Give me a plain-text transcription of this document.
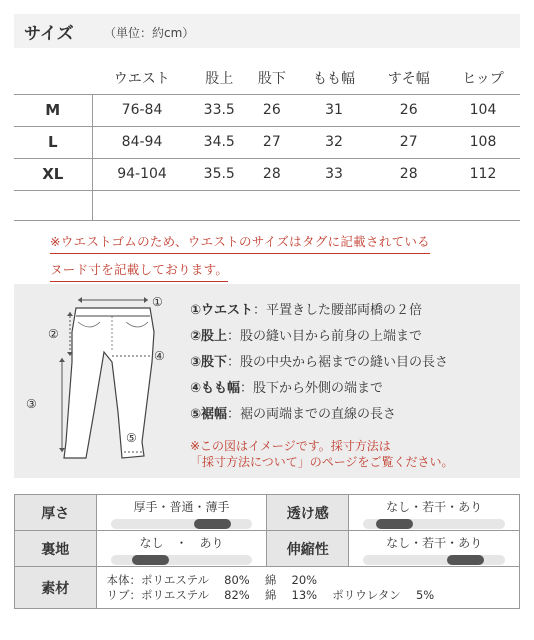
サイズ	（単位：約cm）
	ウエスト	股上	股下	もも幅	すそ幅	ヒップ
M	76-84	33.5	26	31	26	104
L	84-94	34.5	27	32	27	108
XL	94-104	35.5	28	33	28	112

※ウエストゴムのため、ウエストのサイズはタグに記載されている
ヌード寸を記載しております。
①
②
③
④
⑤
①ウエスト：平置きした腰部両橋の２倍
②股上：股の縫い目から前身の上端まで
③股下：股の中央から裾までの縫い目の長さ
④もも幅：股下から外側の端まで
⑤裾幅：裾の両端までの直線の長さ
※この図はイメージです。採寸方法は
「採寸方法について」のページをご覧ください。
厚さ	厚手・普通・薄手	透け感	なし・若干・あり

裏地	なし　・　あり	伸縮性	なし・若干・あり

素材	本体：ポリエステル　 80%　 綿　 20%
リブ：ポリエステル　 82%　 綿　 13%　 ポリウレタン　 5%		
